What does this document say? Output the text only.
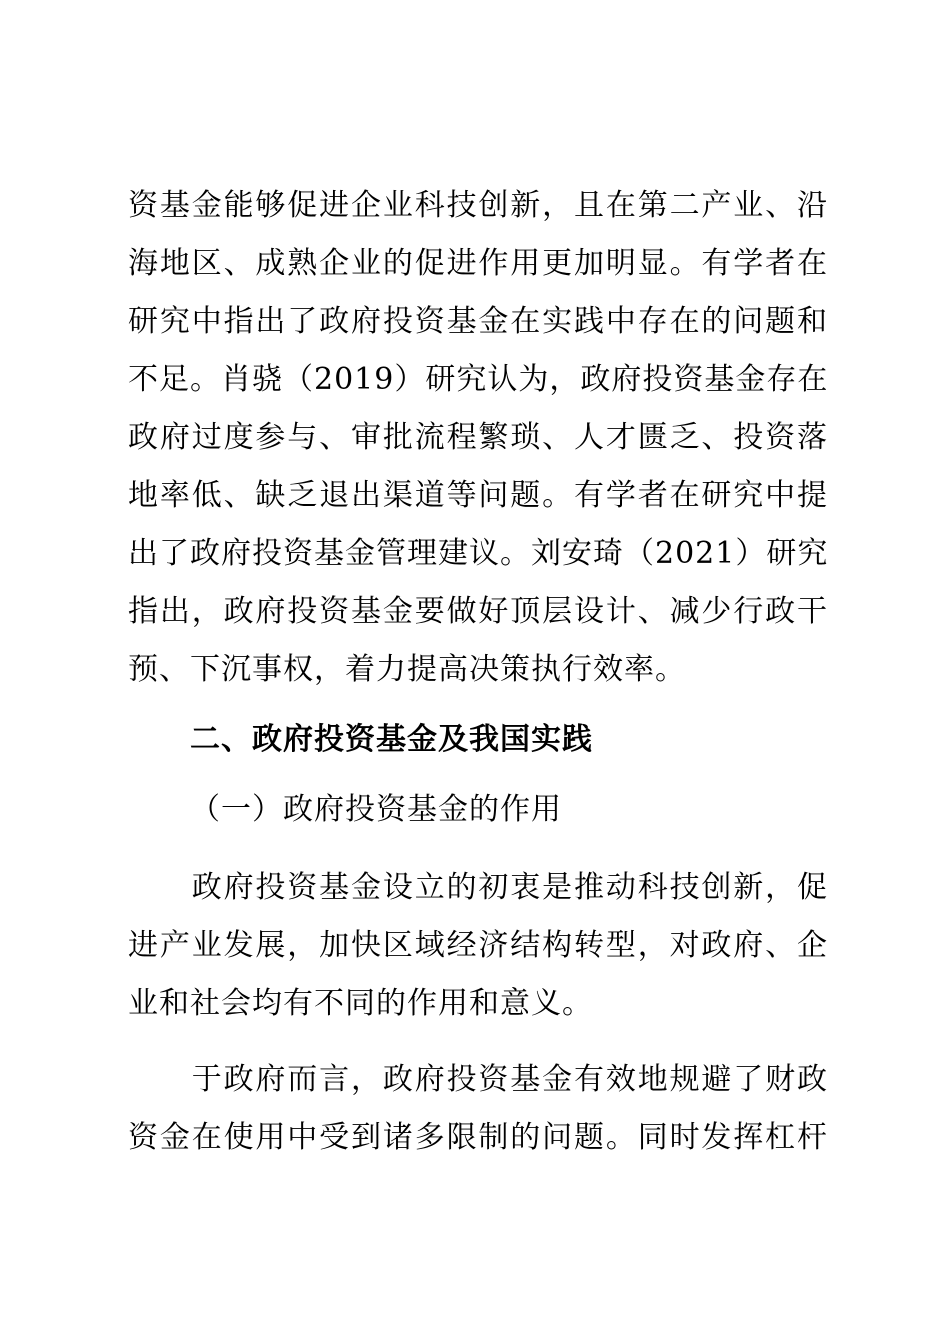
资基金能够促进企业科技创新，且在第二产业、沿
海地区、成熟企业的促进作用更加明显。有学者在
研究中指出了政府投资基金在实践中存在的问题和
不足。肖骁（2019）研究认为，政府投资基金存在
政府过度参与、审批流程繁琐、人才匮乏、投资落
地率低、缺乏退出渠道等问题。有学者在研究中提
出了政府投资基金管理建议。刘安琦（2021）研究
指出，政府投资基金要做好顶层设计、减少行政干
预、下沉事权，着力提高决策执行效率。
二、政府投资基金及我国实践
（一）政府投资基金的作用
　　政府投资基金设立的初衷是推动科技创新，促
进产业发展，加快区域经济结构转型，对政府、企
业和社会均有不同的作用和意义。
　　于政府而言，政府投资基金有效地规避了财政
资金在使用中受到诸多限制的问题。同时发挥杠杆
